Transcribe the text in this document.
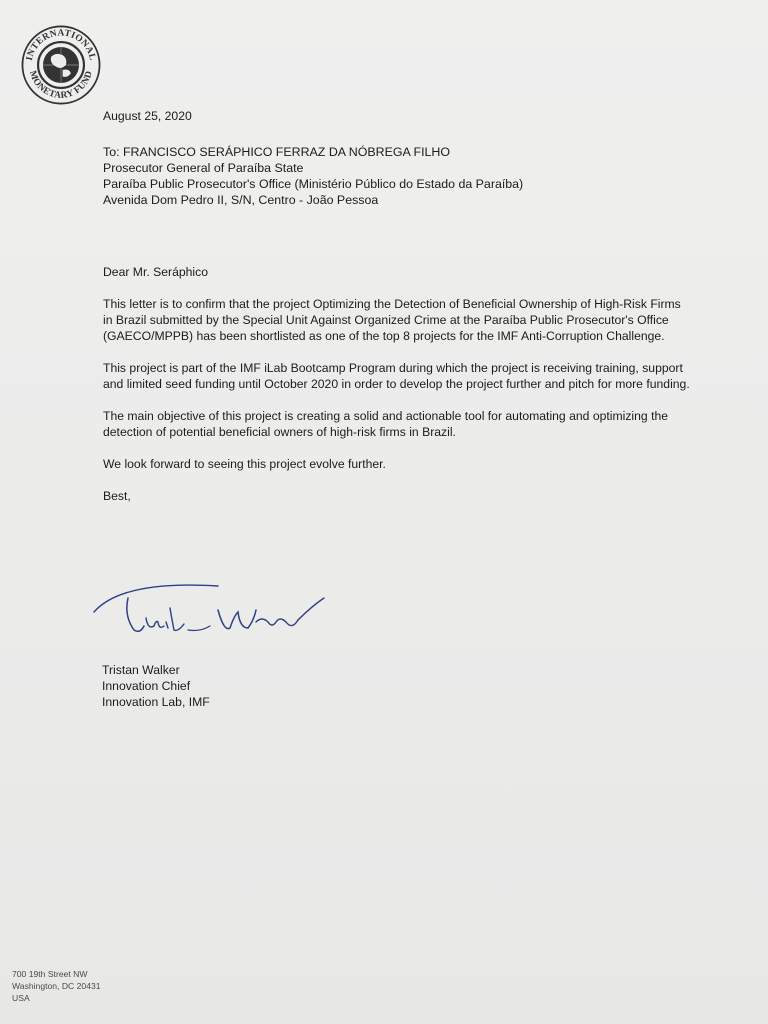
INTERNATIONAL
MONETARY FUND
August 25, 2020
To: FRANCISCO SERÁPHICO FERRAZ DA NÓBREGA FILHO
Prosecutor General of Paraíba State
Paraíba Public Prosecutor's Office (Ministério Público do Estado da Paraíba)
Avenida Dom Pedro II, S/N, Centro - João Pessoa
Dear Mr. Seráphico

This letter is to confirm that the project Optimizing the Detection of Beneficial Ownership of High-Risk Firms in Brazil submitted by the Special Unit Against Organized Crime at the Paraíba Public Prosecutor's Office (GAECO/MPPB) has been shortlisted as one of the top 8 projects for the IMF Anti-Corruption Challenge.

This project is part of the IMF iLab Bootcamp Program during which the project is receiving training, support and limited seed funding until October 2020 in order to develop the project further and pitch for more funding.

The main objective of this project is creating a solid and actionable tool for automating and optimizing the detection of potential beneficial owners of high-risk firms in Brazil.

We look forward to seeing this project evolve further.

Best,
Tristan Walker
Innovation Chief
Innovation Lab, IMF
700 19th Street NW
Washington, DC 20431
USA
